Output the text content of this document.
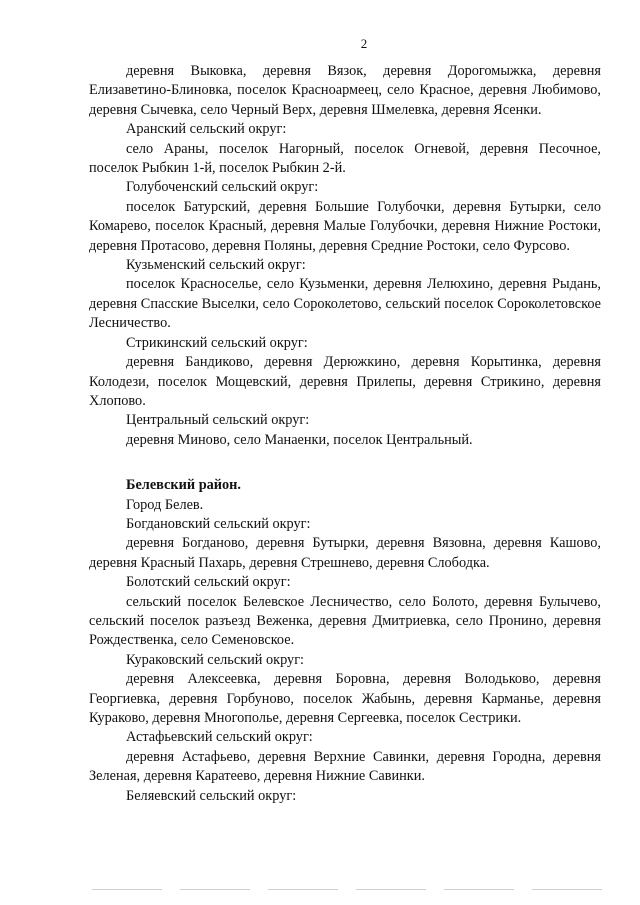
2

деревня Выковка, деревня Вязок, деревня Дорогомыжка, деревня Елизаветино-Блиновка, поселок Красноармеец, село Красное, деревня Любимово, деревня Сычевка, село Черный Верх, деревня Шмелевка, деревня Ясенки.

Аранский сельский округ:

село Араны, поселок Нагорный, поселок Огневой, деревня Песочное, поселок Рыбкин 1-й, поселок Рыбкин 2-й.

Голубоченский сельский округ:

поселок Батурский, деревня Большие Голубочки, деревня Бутырки, село Комарево, поселок Красный, деревня Малые Голубочки, деревня Нижние Ростоки, деревня Протасово, деревня Поляны, деревня Средние Ростоки, село Фурсово.

Кузьменский сельский округ:

поселок Красноселье, село Кузьменки, деревня Лелюхино, деревня Рыдань, деревня Спасские Выселки, село Сороколетово, сельский поселок Сороколетовское Лесничество.

Стрикинский сельский округ:

деревня Бандиково, деревня Дерюжкино, деревня Корытинка, деревня Колодези, поселок Мощевский, деревня Прилепы, деревня Стрикино, деревня Хлопово.

Центральный сельский округ:

деревня Миново, село Манаенки, поселок Центральный.

Белевский район.

Город Белев.

Богдановский сельский округ:

деревня Богданово, деревня Бутырки, деревня Вязовна, деревня Кашово, деревня Красный Пахарь, деревня Стрешнево, деревня Слободка.

Болотский сельский округ:

сельский поселок Белевское Лесничество, село Болото, деревня Булычево, сельский поселок разъезд Веженка, деревня Дмитриевка, село Пронино, деревня Рождественка, село Семеновское.

Кураковский сельский округ:

деревня Алексеевка, деревня Боровна, деревня Володьково, деревня Георгиевка, деревня Горбуново, поселок Жабынь, деревня Карманье, деревня Кураково, деревня Многополье, деревня Сергеевка, поселок Сестрики.

Астафьевский сельский округ:

деревня Астафьево, деревня Верхние Савинки, деревня Городна, деревня Зеленая, деревня Каратеево, деревня Нижние Савинки.

Беляевский сельский округ:
